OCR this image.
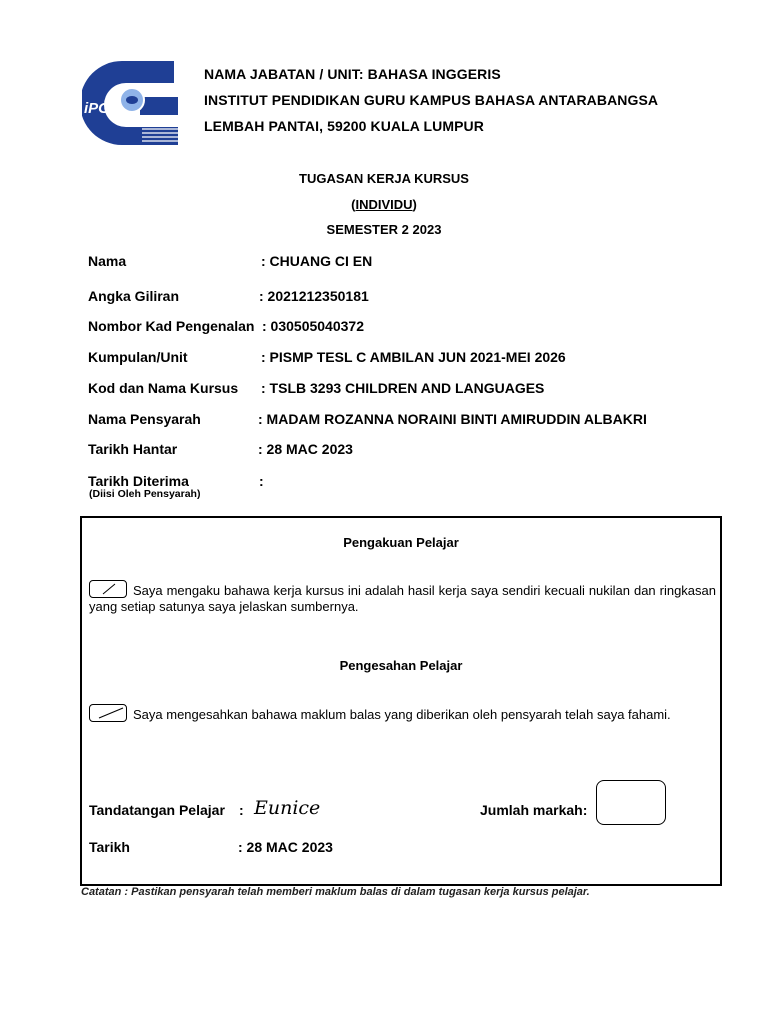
iPG
NAMA JABATAN / UNIT: BAHASA INGGERIS
INSTITUT PENDIDIKAN GURU KAMPUS BAHASA ANTARABANGSA
LEMBAH PANTAI, 59200 KUALA LUMPUR
TUGASAN KERJA KURSUS
(INDIVIDU)
SEMESTER 2 2023
Nama	: CHUANG CI EN
Angka Giliran	: 2021212350181
Nombor Kad Pengenalan : 030505040372
Kumpulan/Unit	: PISMP TESL C AMBILAN JUN 2021-MEI 2026
Kod dan Nama Kursus : TSLB 3293 CHILDREN AND LANGUAGES
Nama Pensyarah	: MADAM ROZANNA NORAINI BINTI AMIRUDDIN ALBAKRI
Tarikh Hantar	: 28 MAC 2023
Tarikh Diterima	:
(Diisi Oleh Pensyarah)
Pengakuan Pelajar
Saya mengaku bahawa kerja kursus ini adalah hasil kerja saya sendiri kecuali nukilan dan ringkasan yang setiap satunya saya jelaskan sumbernya.
Pengesahan Pelajar
Saya mengesahkan bahawa maklum balas yang diberikan oleh pensyarah telah saya fahami.
Tandatangan Pelajar : Eunice	Jumlah markah:
Tarikh	: 28 MAC 2023
Catatan : Pastikan pensyarah telah memberi maklum balas di dalam tugasan kerja kursus pelajar.
